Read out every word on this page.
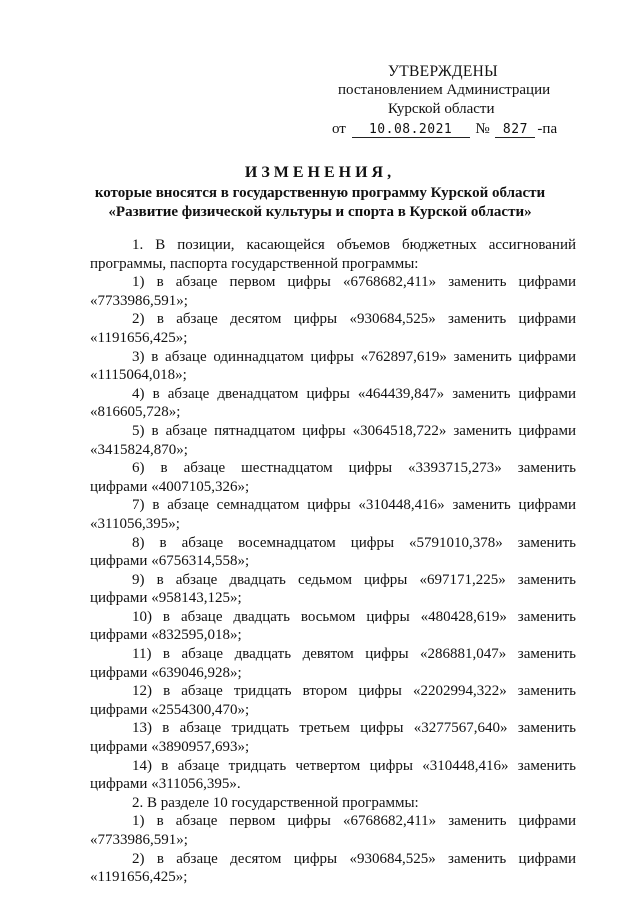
УТВЕРЖДЕНЫ
постановлением Администрации
Курской области
от 10.08.2021 № 827 -па
ИЗМЕНЕНИЯ,
которые вносятся в государственную программу Курской области
«Развитие физической культуры и спорта в Курской области»
1. В позиции, касающейся объемов бюджетных ассигнований
программы, паспорта государственной программы:
1) в абзаце первом цифры «6768682,411» заменить цифрами
«7733986,591»;
2) в абзаце десятом цифры «930684,525» заменить цифрами
«1191656,425»;
3) в абзаце одиннадцатом цифры «762897,619» заменить цифрами
«1115064,018»;
4) в абзаце двенадцатом цифры «464439,847» заменить цифрами
«816605,728»;
5) в абзаце пятнадцатом цифры «3064518,722» заменить цифрами
«3415824,870»;
6) в абзаце шестнадцатом цифры «3393715,273» заменить
цифрами «4007105,326»;
7) в абзаце семнадцатом цифры «310448,416» заменить цифрами
«311056,395»;
8) в абзаце восемнадцатом цифры «5791010,378» заменить
цифрами «6756314,558»;
9) в абзаце двадцать седьмом цифры «697171,225» заменить
цифрами «958143,125»;
10) в абзаце двадцать восьмом цифры «480428,619» заменить
цифрами «832595,018»;
11) в абзаце двадцать девятом цифры «286881,047» заменить
цифрами «639046,928»;
12) в абзаце тридцать втором цифры «2202994,322» заменить
цифрами «2554300,470»;
13) в абзаце тридцать третьем цифры «3277567,640» заменить
цифрами «3890957,693»;
14) в абзаце тридцать четвертом цифры «310448,416» заменить
цифрами «311056,395».
2. В разделе 10 государственной программы:
1) в абзаце первом цифры «6768682,411» заменить цифрами
«7733986,591»;
2) в абзаце десятом цифры «930684,525» заменить цифрами
«1191656,425»;
